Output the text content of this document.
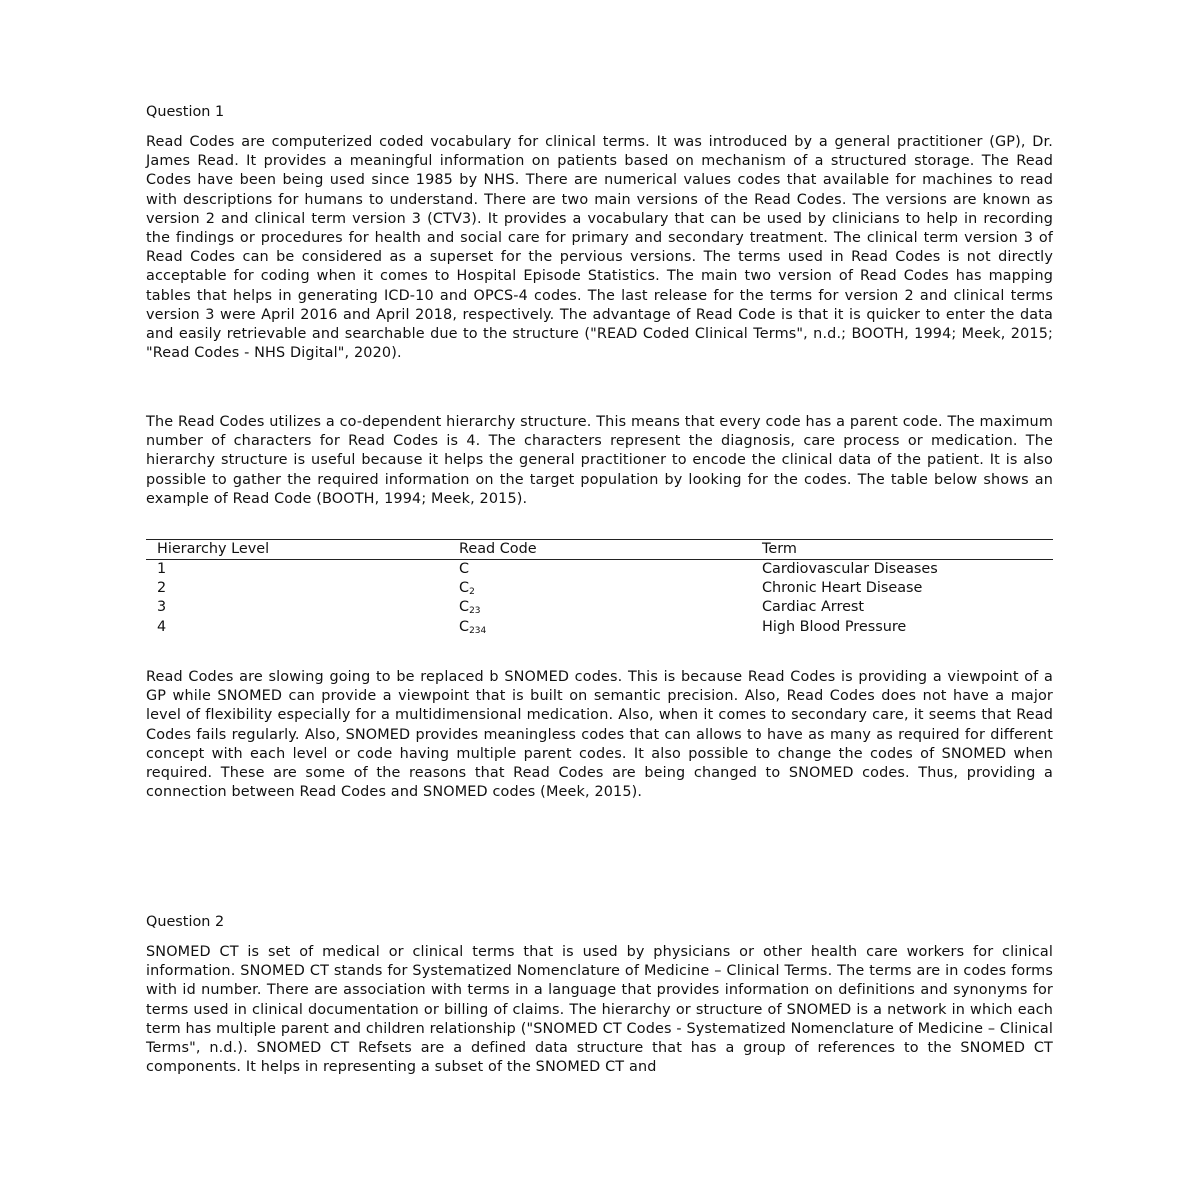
Question 1

Read Codes are computerized coded vocabulary for clinical terms. It was introduced by a general practitioner (GP), Dr. James Read. It provides a meaningful information on patients based on mechanism of a structured storage. The Read Codes have been being used since 1985 by NHS. There are numerical values codes that available for machines to read with descriptions for humans to understand. There are two main versions of the Read Codes. The versions are known as version 2 and clinical term version 3 (CTV3). It provides a vocabulary that can be used by clinicians to help in recording the findings or procedures for health and social care for primary and secondary treatment. The clinical term version 3 of Read Codes can be considered as a superset for the pervious versions. The terms used in Read Codes is not directly acceptable for coding when it comes to Hospital Episode Statistics. The main two version of Read Codes has mapping tables that helps in generating ICD-10 and OPCS-4 codes. The last release for the terms for version 2 and clinical terms version 3 were April 2016 and April 2018, respectively. The advantage of Read Code is that it is quicker to enter the data and easily retrievable and searchable due to the structure ("READ Coded Clinical Terms", n.d.; BOOTH, 1994; Meek, 2015; "Read Codes - NHS Digital", 2020).

The Read Codes utilizes a co-dependent hierarchy structure. This means that every code has a parent code. The maximum number of characters for Read Codes is 4. The characters represent the diagnosis, care process or medication. The hierarchy structure is useful because it helps the general practitioner to encode the clinical data of the patient. It is also possible to gather the required information on the target population by looking for the codes. The table below shows an example of Read Code (BOOTH, 1994; Meek, 2015).

Hierarchy Level	Read Code	Term
1	C	Cardiovascular Diseases
2	$C_2$	Chronic Heart Disease
3	$C_{23}$	Cardiac Arrest
4	$C_{234}$	High Blood Pressure

Read Codes are slowing going to be replaced b SNOMED codes. This is because Read Codes is providing a viewpoint of a GP while SNOMED can provide a viewpoint that is built on semantic precision. Also, Read Codes does not have a major level of flexibility especially for a multidimensional medication. Also, when it comes to secondary care, it seems that Read Codes fails regularly. Also, SNOMED provides meaningless codes that can allows to have as many as required for different concept with each level or code having multiple parent codes. It also possible to change the codes of SNOMED when required. These are some of the reasons that Read Codes are being changed to SNOMED codes. Thus, providing a connection between Read Codes and SNOMED codes (Meek, 2015).

Question 2

SNOMED CT is set of medical or clinical terms that is used by physicians or other health care workers for clinical information. SNOMED CT stands for Systematized Nomenclature of Medicine – Clinical Terms. The terms are in codes forms with id number. There are association with terms in a language that provides information on definitions and synonyms for terms used in clinical documentation or billing of claims. The hierarchy or structure of SNOMED is a network in which each term has multiple parent and children relationship ("SNOMED CT Codes - Systematized Nomenclature of Medicine – Clinical Terms", n.d.). SNOMED CT Refsets are a defined data structure that has a group of references to the SNOMED CT components. It helps in representing a subset of the SNOMED CT and
